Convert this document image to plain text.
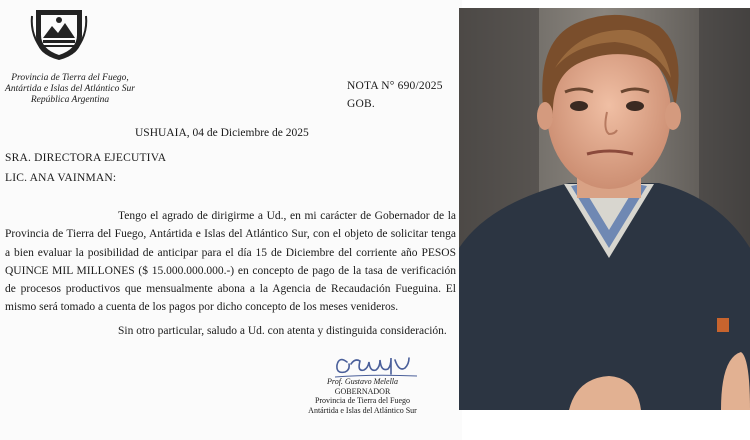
Provincia de Tierra del Fuego,
Antártida e Islas del Atlántico Sur
República Argentina
NOTA N° 690/2025
GOB.
USHUAIA, 04 de Diciembre de 2025
SRA. DIRECTORA EJECUTIVA
LIC. ANA VAINMAN:
Tengo el agrado de dirigirme a Ud., en mi carácter de Gobernador de la Provincia de Tierra del Fuego, Antártida e Islas del Atlántico Sur, con el objeto de solicitar tenga a bien evaluar la posibilidad de anticipar para el día 15 de Diciembre del corriente año PESOS QUINCE MIL MILLONES ($ 15.000.000.000.-) en concepto de pago de la tasa de verificación de procesos productivos que mensualmente abona a la Agencia de Recaudación Fueguina. El mismo será tomado a cuenta de los pagos por dicho concepto de los meses venideros.
Sin otro particular, saludo a Ud. con atenta y distinguida consideración.
Prof. Gustavo Melella
GOBERNADOR
Provincia de Tierra del Fuego
Antártida e Islas del Atlántico Sur
